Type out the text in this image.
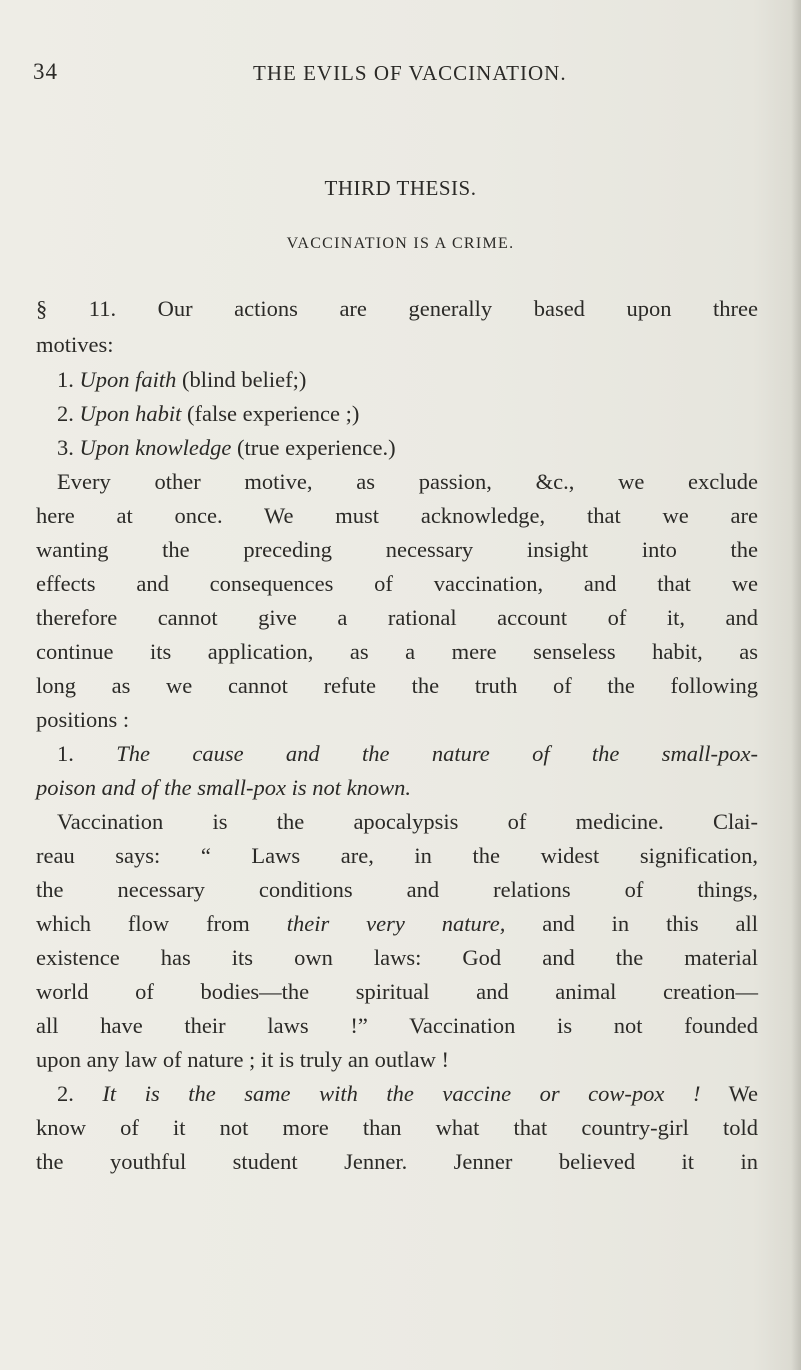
34	THE EVILS OF VACCINATION.
THIRD THESIS.
VACCINATION IS A CRIME.
§ 11. Our actions are generally based upon three
motives:
1. Upon faith (blind belief;)
2. Upon habit (false experience ;)
3. Upon knowledge (true experience.)
Every other motive, as passion, &c., we exclude
here at once. We must acknowledge, that we are
wanting the preceding necessary insight into the
effects and consequences of vaccination, and that we
therefore cannot give a rational account of it, and
continue its application, as a mere senseless habit, as
long as we cannot refute the truth of the following
positions :
1. The cause and the nature of the small-pox-
poison and of the small-pox is not known.
Vaccination is the apocalypsis of medicine. Clai-
reau says: “ Laws are, in the widest signification,
the necessary conditions and relations of things,
which flow from their very nature, and in this all
existence has its own laws: God and the material
world of bodies—the spiritual and animal creation—
all have their laws !” Vaccination is not founded
upon any law of nature ; it is truly an outlaw !
2. It is the same with the vaccine or cow-pox ! We
know of it not more than what that country-girl told
the youthful student Jenner. Jenner believed it in
